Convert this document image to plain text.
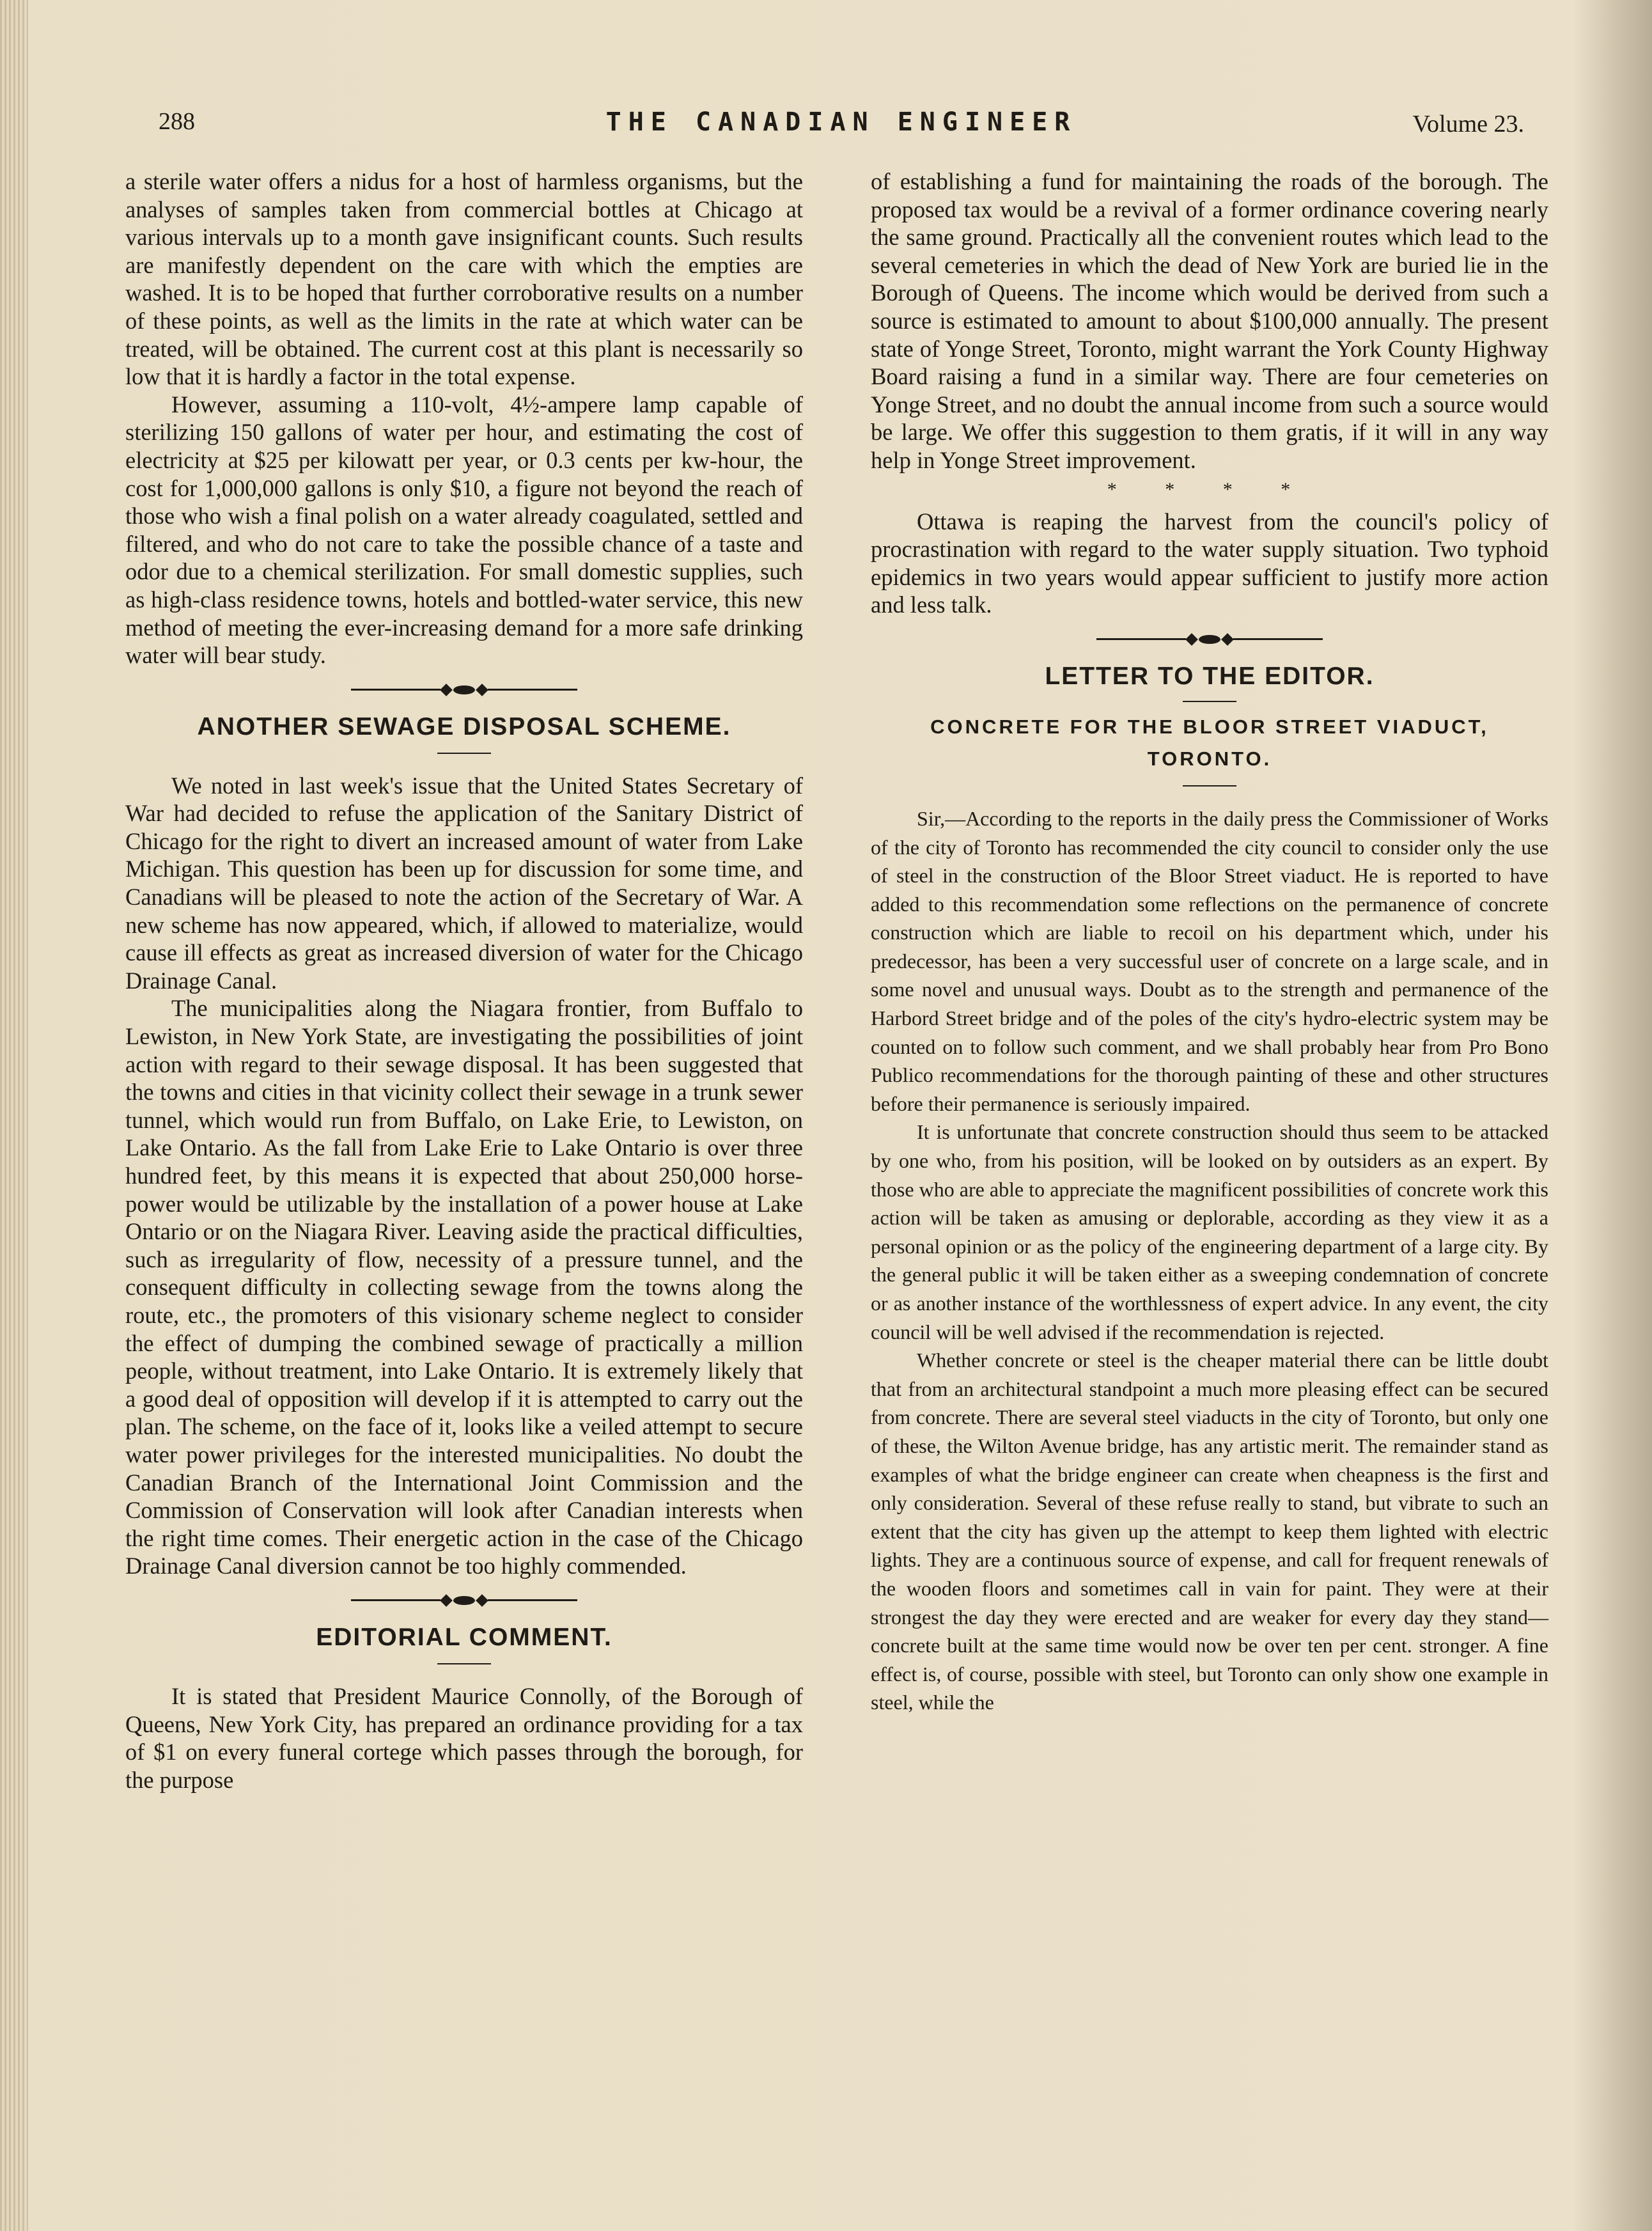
288	THE CANADIAN ENGINEER	Volume 23.

a sterile water offers a nidus for a host of harmless organisms, but the analyses of samples taken from commercial bottles at Chicago at various intervals up to a month gave insignificant counts. Such results are manifestly dependent on the care with which the empties are washed. It is to be hoped that further corroborative results on a number of these points, as well as the limits in the rate at which water can be treated, will be obtained. The current cost at this plant is necessarily so low that it is hardly a factor in the total expense.

However, assuming a 110-volt, 4½-ampere lamp capable of sterilizing 150 gallons of water per hour, and estimating the cost of electricity at $25 per kilowatt per year, or 0.3 cents per kw-hour, the cost for 1,000,000 gallons is only $10, a figure not beyond the reach of those who wish a final polish on a water already coagulated, settled and filtered, and who do not care to take the possible chance of a taste and odor due to a chemical sterilization. For small domestic supplies, such as high-class residence towns, hotels and bottled-water service, this new method of meeting the ever-increasing demand for a more safe drinking water will bear study.

ANOTHER SEWAGE DISPOSAL SCHEME.

We noted in last week's issue that the United States Secretary of War had decided to refuse the application of the Sanitary District of Chicago for the right to divert an increased amount of water from Lake Michigan. This question has been up for discussion for some time, and Canadians will be pleased to note the action of the Secretary of War. A new scheme has now appeared, which, if allowed to materialize, would cause ill effects as great as increased diversion of water for the Chicago Drainage Canal.

The municipalities along the Niagara frontier, from Buffalo to Lewiston, in New York State, are investigating the possibilities of joint action with regard to their sewage disposal. It has been suggested that the towns and cities in that vicinity collect their sewage in a trunk sewer tunnel, which would run from Buffalo, on Lake Erie, to Lewiston, on Lake Ontario. As the fall from Lake Erie to Lake Ontario is over three hundred feet, by this means it is expected that about 250,000 horse-power would be utilizable by the installation of a power house at Lake Ontario or on the Niagara River. Leaving aside the practical difficulties, such as irregularity of flow, necessity of a pressure tunnel, and the consequent difficulty in collecting sewage from the towns along the route, etc., the promoters of this visionary scheme neglect to consider the effect of dumping the combined sewage of practically a million people, without treatment, into Lake Ontario. It is extremely likely that a good deal of opposition will develop if it is attempted to carry out the plan. The scheme, on the face of it, looks like a veiled attempt to secure water power privileges for the interested municipalities. No doubt the Canadian Branch of the International Joint Commission and the Commission of Conservation will look after Canadian interests when the right time comes. Their energetic action in the case of the Chicago Drainage Canal diversion cannot be too highly commended.

EDITORIAL COMMENT.

It is stated that President Maurice Connolly, of the Borough of Queens, New York City, has prepared an ordinance providing for a tax of $1 on every funeral cortege which passes through the borough, for the purpose

of establishing a fund for maintaining the roads of the borough. The proposed tax would be a revival of a former ordinance covering nearly the same ground. Practically all the convenient routes which lead to the several cemeteries in which the dead of New York are buried lie in the Borough of Queens. The income which would be derived from such a source is estimated to amount to about $100,000 annually. The present state of Yonge Street, Toronto, might warrant the York County Highway Board raising a fund in a similar way. There are four cemeteries on Yonge Street, and no doubt the annual income from such a source would be large. We offer this suggestion to them gratis, if it will in any way help in Yonge Street improvement.

* * * *

Ottawa is reaping the harvest from the council's policy of procrastination with regard to the water supply situation. Two typhoid epidemics in two years would appear sufficient to justify more action and less talk.

LETTER TO THE EDITOR.
CONCRETE FOR THE BLOOR STREET VIADUCT, TORONTO.

Sir,—According to the reports in the daily press the Commissioner of Works of the city of Toronto has recommended the city council to consider only the use of steel in the construction of the Bloor Street viaduct. He is reported to have added to this recommendation some reflections on the permanence of concrete construction which are liable to recoil on his department which, under his predecessor, has been a very successful user of concrete on a large scale, and in some novel and unusual ways. Doubt as to the strength and permanence of the Harbord Street bridge and of the poles of the city's hydro-electric system may be counted on to follow such comment, and we shall probably hear from Pro Bono Publico recommendations for the thorough painting of these and other structures before their permanence is seriously impaired.

It is unfortunate that concrete construction should thus seem to be attacked by one who, from his position, will be looked on by outsiders as an expert. By those who are able to appreciate the magnificent possibilities of concrete work this action will be taken as amusing or deplorable, according as they view it as a personal opinion or as the policy of the engineering department of a large city. By the general public it will be taken either as a sweeping condemnation of concrete or as another instance of the worthlessness of expert advice. In any event, the city council will be well advised if the recommendation is rejected.

Whether concrete or steel is the cheaper material there can be little doubt that from an architectural standpoint a much more pleasing effect can be secured from concrete. There are several steel viaducts in the city of Toronto, but only one of these, the Wilton Avenue bridge, has any artistic merit. The remainder stand as examples of what the bridge engineer can create when cheapness is the first and only consideration. Several of these refuse really to stand, but vibrate to such an extent that the city has given up the attempt to keep them lighted with electric lights. They are a continuous source of expense, and call for frequent renewals of the wooden floors and sometimes call in vain for paint. They were at their strongest the day they were erected and are weaker for every day they stand—concrete built at the same time would now be over ten per cent. stronger. A fine effect is, of course, possible with steel, but Toronto can only show one example in steel, while the
